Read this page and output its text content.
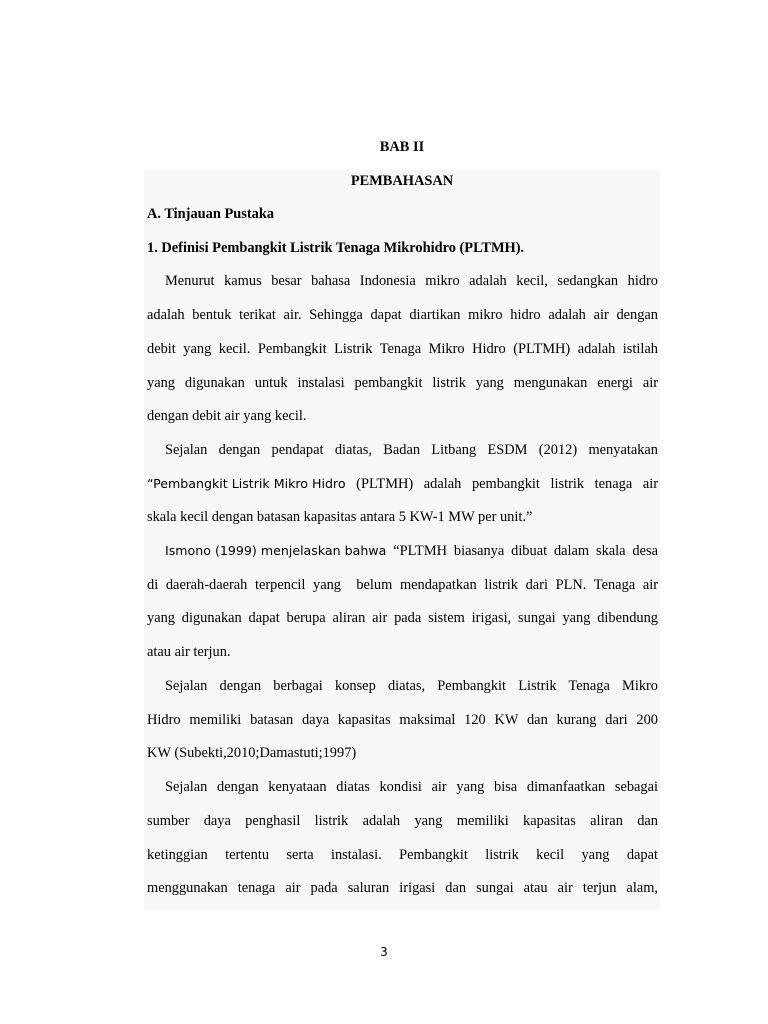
BAB II
PEMBAHASAN
A. Tinjauan Pustaka
1. Definisi Pembangkit Listrik Tenaga Mikrohidro (PLTMH).
Menurut kamus besar bahasa Indonesia mikro adalah kecil, sedangkan hidro
adalah bentuk terikat air. Sehingga dapat diartikan mikro hidro adalah air dengan
debit yang kecil. Pembangkit Listrik Tenaga Mikro Hidro (PLTMH) adalah istilah
yang digunakan untuk instalasi pembangkit listrik yang mengunakan energi air
dengan debit air yang kecil.
Sejalan dengan pendapat diatas, Badan Litbang ESDM (2012) menyatakan
“Pembangkit Listrik Mikro Hidro (PLTMH) adalah pembangkit listrik tenaga air
skala kecil dengan batasan kapasitas antara 5 KW-1 MW per unit.”
Ismono (1999) menjelaskan bahwa “PLTMH biasanya dibuat dalam skala desa
di daerah-daerah terpencil yang  belum mendapatkan listrik dari PLN. Tenaga air
yang digunakan dapat berupa aliran air pada sistem irigasi, sungai yang dibendung
atau air terjun.
Sejalan dengan berbagai konsep diatas, Pembangkit Listrik Tenaga Mikro
Hidro memiliki batasan daya kapasitas maksimal 120 KW dan kurang dari 200
KW (Subekti,2010;Damastuti;1997)
Sejalan dengan kenyataan diatas kondisi air yang bisa dimanfaatkan sebagai
sumber daya penghasil listrik adalah yang memiliki kapasitas aliran dan
ketinggian tertentu serta instalasi. Pembangkit listrik kecil yang dapat
menggunakan tenaga air pada saluran irigasi dan sungai atau air terjun alam,
3
